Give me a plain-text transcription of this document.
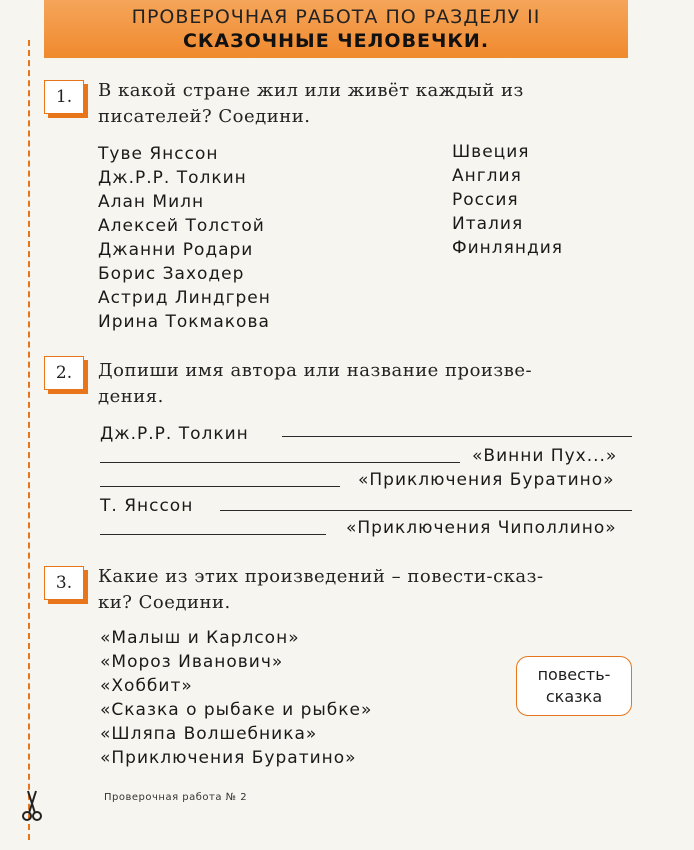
ПРОВЕРОЧНАЯ РАБОТА ПО РАЗДЕЛУ II
СКАЗОЧНЫЕ ЧЕЛОВЕЧКИ.
1.	В какой стране жил или живёт каждый из
писателей? Соедини.
Туве Янссон
Дж.Р.Р. Толкин
Алан Милн
Алексей Толстой
Джанни Родари
Борис Заходер
Астрид Линдгрен
Ирина Токмакова
Швеция
Англия
Россия
Италия
Финляндия
2.	Допиши имя автора или название произве-
дения.
Дж.Р.Р. Толкин
«Винни Пух...»
«Приключения Буратино»
Т. Янссон
«Приключения Чиполлино»
3.	Какие из этих произведений – повести-сказ-
ки? Соедини.
«Малыш и Карлсон»
«Мороз Иванович»
«Хоббит»
«Сказка о рыбаке и рыбке»
«Шляпа Волшебника»
«Приключения Буратино»
повесть-
сказка
Проверочная работа № 2
